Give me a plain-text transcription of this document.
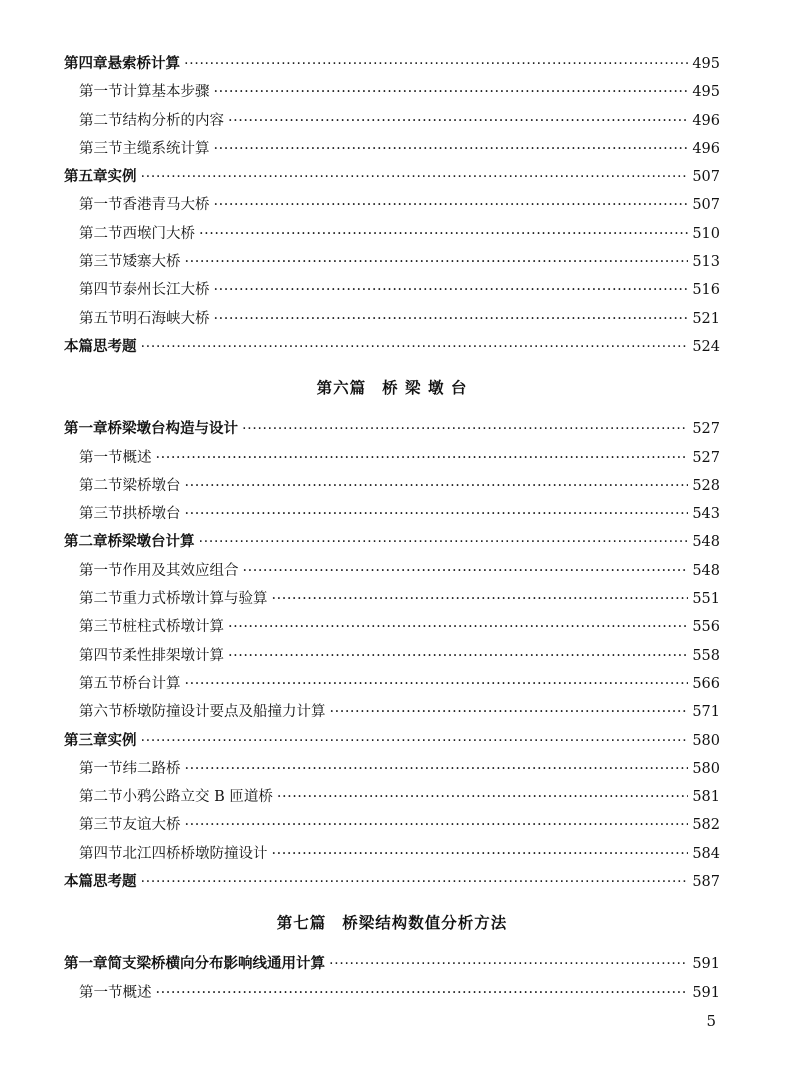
第四章 悬索桥计算 ·····	495
第一节 计算基本步骤 ·····	495
第二节 结构分析的内容 ·····	496
第三节 主缆系统计算 ·····	496
第五章 实例 ·····	507
第一节 香港青马大桥 ·····	507
第二节 西堠门大桥 ·····	510
第三节 矮寨大桥 ·····	513
第四节 泰州长江大桥 ·····	516
第五节 明石海峡大桥 ·····	521
本篇思考题 ·····	524
第六篇 桥 梁 墩 台
第一章 桥梁墩台构造与设计 ·····	527
第一节 概述 ·····	527
第二节 梁桥墩台 ·····	528
第三节 拱桥墩台 ·····	543
第二章 桥梁墩台计算 ·····	548
第一节 作用及其效应组合 ·····	548
第二节 重力式桥墩计算与验算 ·····	551
第三节 桩柱式桥墩计算 ·····	556
第四节 柔性排架墩计算 ·····	558
第五节 桥台计算 ·····	566
第六节 桥墩防撞设计要点及船撞力计算 ·····	571
第三章 实例 ·····	580
第一节 纬二路桥 ·····	580
第二节 小鸦公路立交 B 匝道桥 ·····	581
第三节 友谊大桥 ·····	582
第四节 北江四桥桥墩防撞设计 ·····	584
本篇思考题 ·····	587
第七篇 桥梁结构数值分析方法
第一章 简支梁桥横向分布影响线通用计算 ·····	591
第一节 概述 ·····	591
5
